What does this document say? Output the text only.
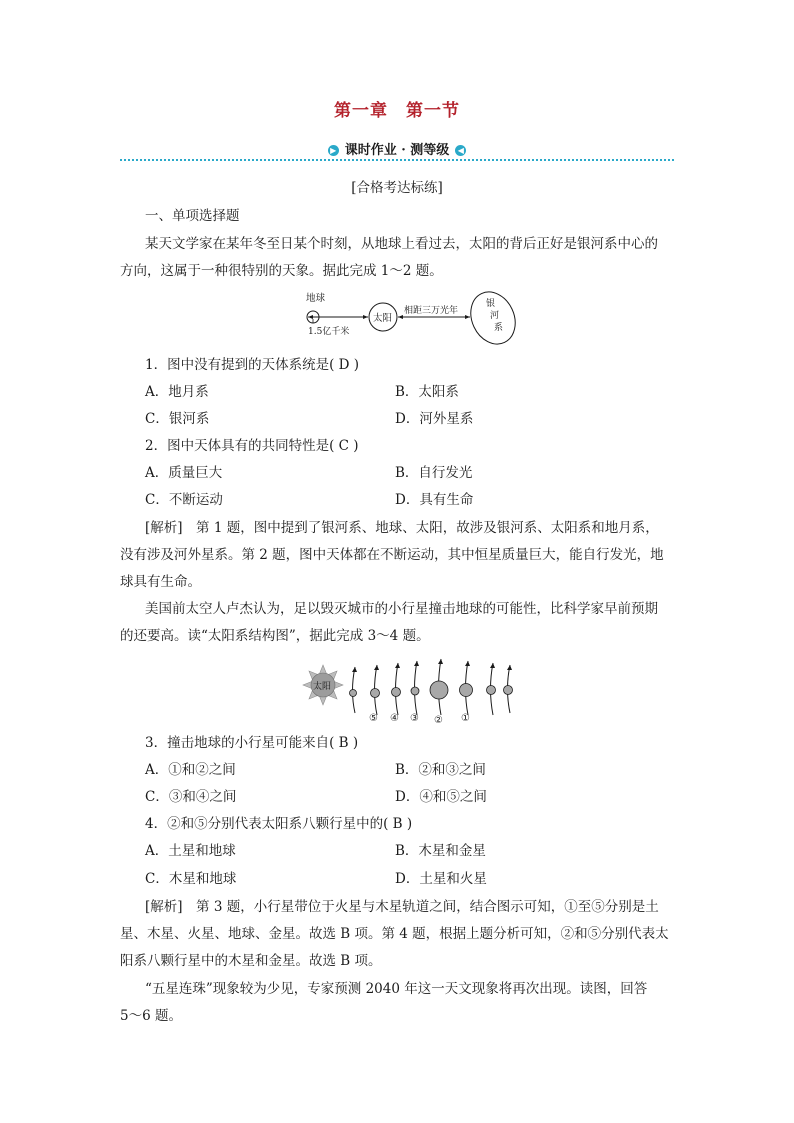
第一章　第一节
▶ 课时作业 · 测等级 ◀
[合格考达标练]
一、单项选择题
某天文学家在某年冬至日某个时刻，从地球上看过去，太阳的背后正好是银河系中心的
方向，这属于一种很特别的天象。据此完成 1～2 题。
地球
1.5亿千米
太阳
相距三万光年
银
河
系
1．图中没有提到的天体系统是( D )
A．地月系	B．太阳系
C．银河系	D．河外星系
2．图中天体具有的共同特性是( C )
A．质量巨大	B．自行发光
C．不断运动	D．具有生命
[解析]　第 1 题，图中提到了银河系、地球、太阳，故涉及银河系、太阳系和地月系，
没有涉及河外星系。第 2 题，图中天体都在不断运动，其中恒星质量巨大，能自行发光，地
球具有生命。
美国前太空人卢杰认为，足以毁灭城市的小行星撞击地球的可能性，比科学家早前预期
的还要高。读“太阳系结构图”，据此完成 3～4 题。
太阳
⑤ ④ ③ ② ①
3．撞击地球的小行星可能来自( B )
A．①和②之间	B．②和③之间
C．③和④之间	D．④和⑤之间
4．②和⑤分别代表太阳系八颗行星中的( B )
A．土星和地球	B．木星和金星
C．木星和地球	D．土星和火星
[解析]　第 3 题，小行星带位于火星与木星轨道之间，结合图示可知，①至⑤分别是土
星、木星、火星、地球、金星。故选 B 项。第 4 题，根据上题分析可知，②和⑤分别代表太
阳系八颗行星中的木星和金星。故选 B 项。
“五星连珠”现象较为少见，专家预测 2040 年这一天文现象将再次出现。读图，回答
5～6 题。
